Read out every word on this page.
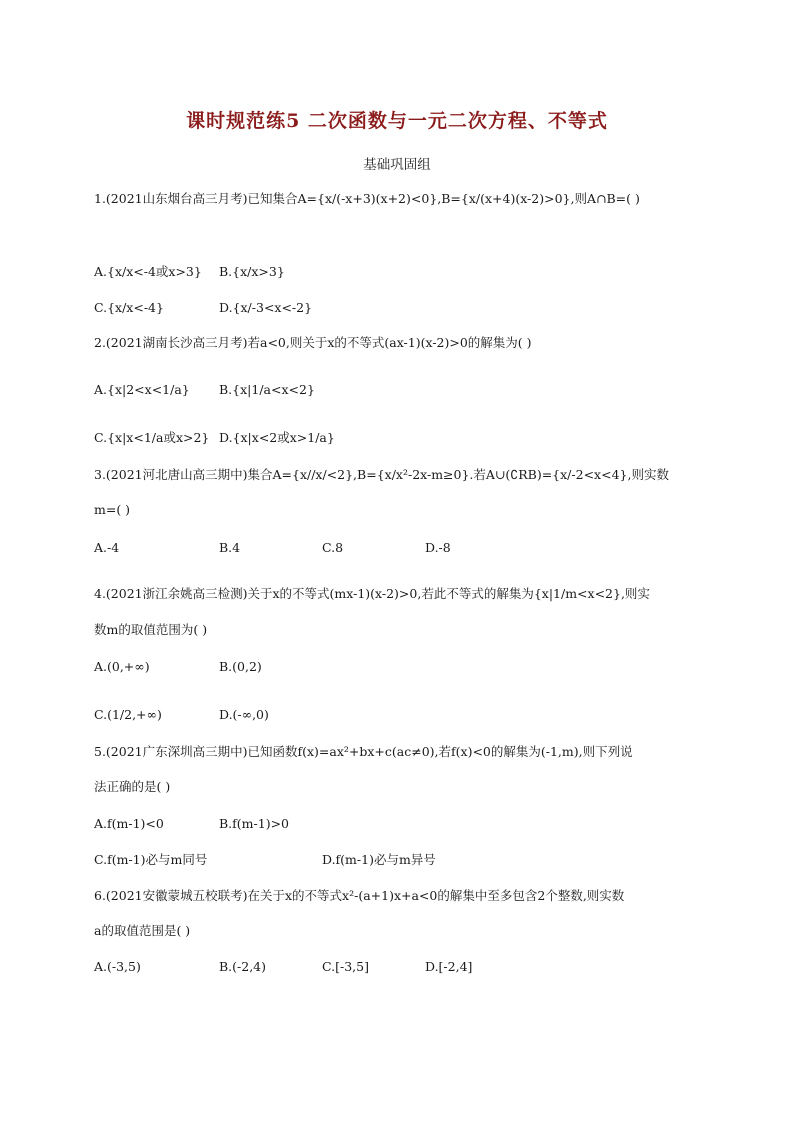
课时规范练5 二次函数与一元二次方程、不等式
基础巩固组
1.(2021山东烟台高三月考)已知集合A={x/(-x+3)(x+2)<0},B={x/(x+4)(x-2)>0},则A∩B=( )
A.{x/x<-4或x>3} B.{x/x>3}
C.{x/x<-4}	D.{x/-3<x<-2}
2.(2021湖南长沙高三月考)若a<0,则关于x的不等式(ax-1)(x-2)>0的解集为( )
A.{x|2<x<1/a} B.{x|1/a<x<2}
C.{x|x<1/a或x>2} D.{x|x<2或x>1/a}
3.(2021河北唐山高三期中)集合A={x//x/<2},B={x/x²-2x-m≥0}.若A∪(∁RB)={x/-2<x<4},则实数
m=( )
A.-4	B.4	C.8	D.-8
4.(2021浙江余姚高三检测)关于x的不等式(mx-1)(x-2)>0,若此不等式的解集为{x|1/m<x<2},则实
数m的取值范围为( )
A.(0,+∞)	B.(0,2)
C.(1/2,+∞)	D.(-∞,0)
5.(2021广东深圳高三期中)已知函数f(x)=ax²+bx+c(ac≠0),若f(x)<0的解集为(-1,m),则下列说
法正确的是( )
A.f(m-1)<0	B.f(m-1)>0
C.f(m-1)必与m同号	D.f(m-1)必与m异号
6.(2021安徽蒙城五校联考)在关于x的不等式x²-(a+1)x+a<0的解集中至多包含2个整数,则实数
a的取值范围是( )
A.(-3,5)	B.(-2,4)	C.[-3,5]	D.[-2,4]
